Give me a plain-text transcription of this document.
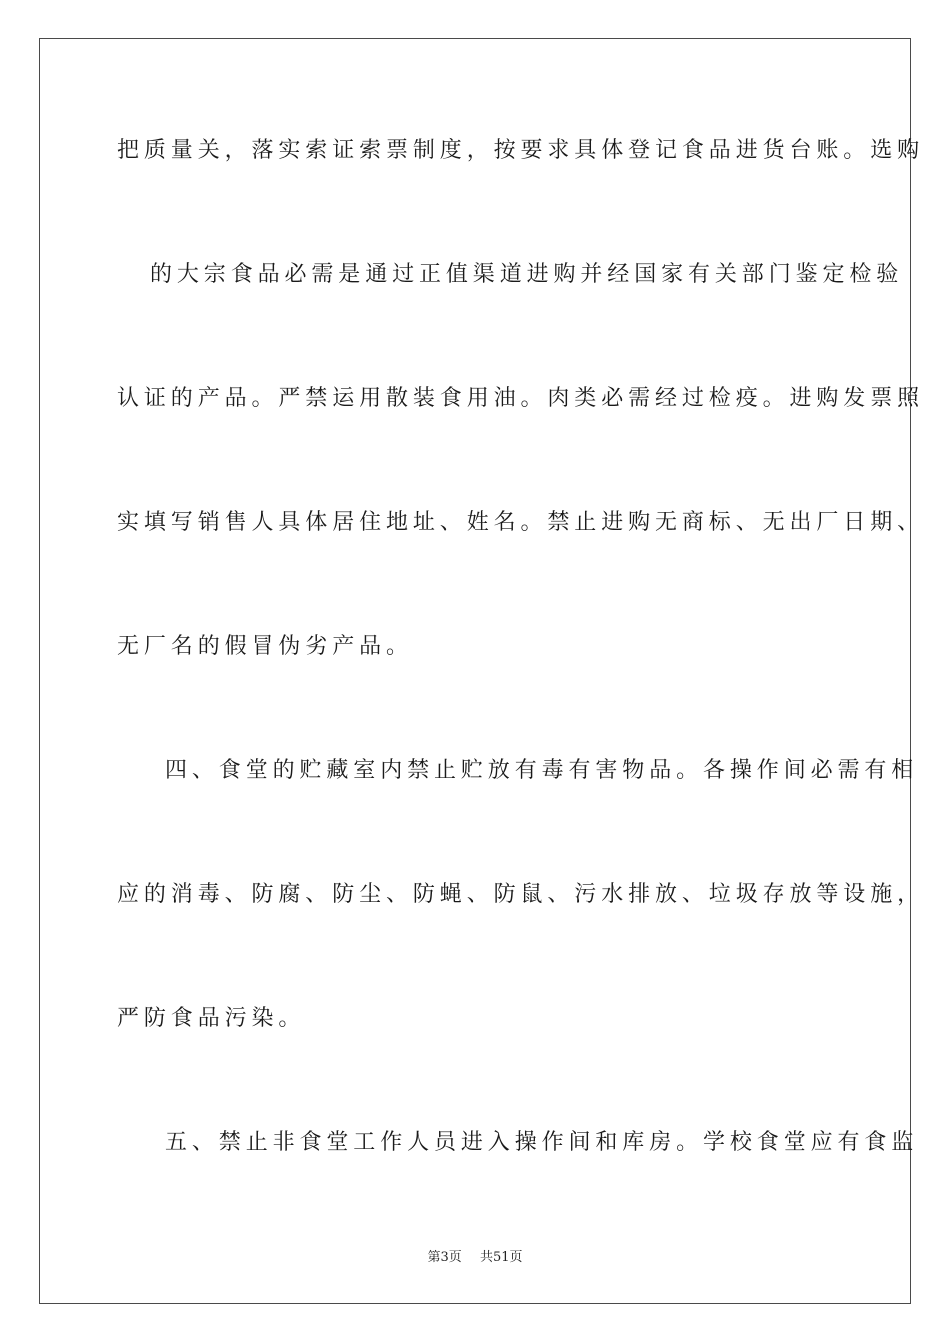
把质量关，落实索证索票制度，按要求具体登记食品进货台账。选购

的大宗食品必需是通过正值渠道进购并经国家有关部门鉴定检验

认证的产品。严禁运用散装食用油。肉类必需经过检疫。进购发票照

实填写销售人具体居住地址、姓名。禁止进购无商标、无出厂日期、

无厂名的假冒伪劣产品。

四、食堂的贮藏室内禁止贮放有毒有害物品。各操作间必需有相

应的消毒、防腐、防尘、防蝇、防鼠、污水排放、垃圾存放等设施，

严防食品污染。

五、禁止非食堂工作人员进入操作间和库房。学校食堂应有食监

第3页 共51页
